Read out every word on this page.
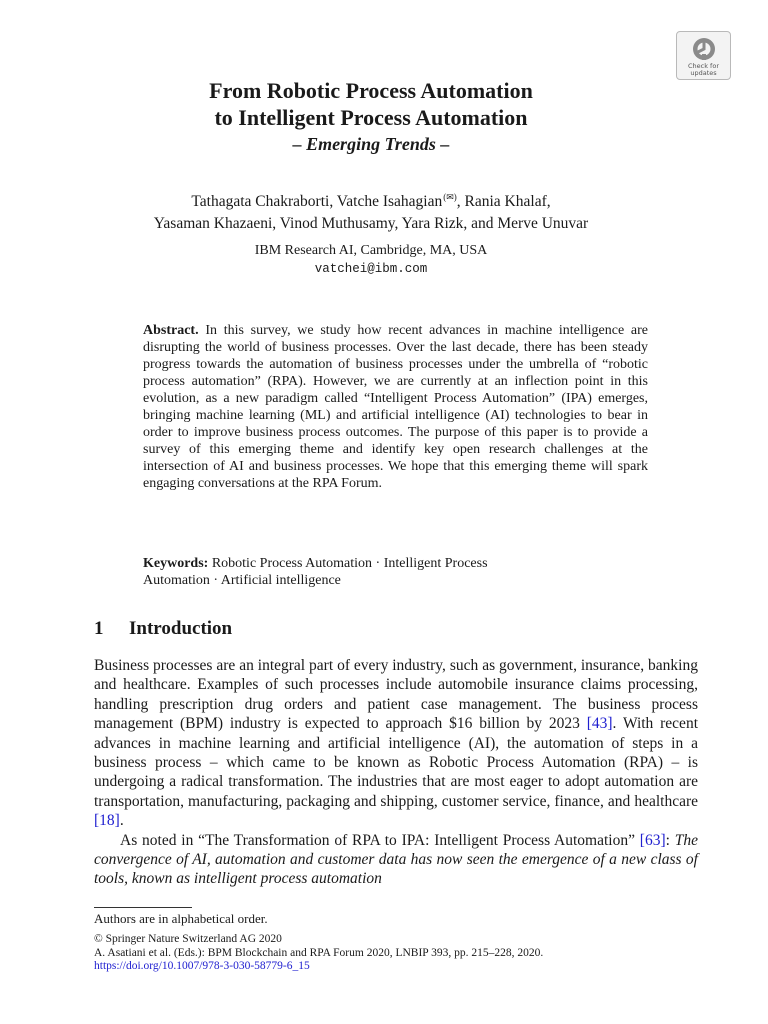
Check for
updates
From Robotic Process Automation
to Intelligent Process Automation
– Emerging Trends –
Tathagata Chakraborti, Vatche Isahagian(✉), Rania Khalaf,
Yasaman Khazaeni, Vinod Muthusamy, Yara Rizk, and Merve Unuvar
IBM Research AI, Cambridge, MA, USA
vatchei@ibm.com

Abstract. In this survey, we study how recent advances in machine intelligence are disrupting the world of business processes. Over the last decade, there has been steady progress towards the automation of business processes under the umbrella of “robotic process automation” (RPA). However, we are currently at an inflection point in this evolution, as a new paradigm called “Intelligent Process Automation” (IPA) emerges, bringing machine learning (ML) and artificial intelligence (AI) technologies to bear in order to improve business process outcomes. The purpose of this paper is to provide a survey of this emerging theme and identify key open research challenges at the intersection of AI and business processes. We hope that this emerging theme will spark engaging conversations at the RPA Forum.

Keywords: Robotic Process Automation · Intelligent Process
Automation · Artificial intelligence

1 Introduction

Business processes are an integral part of every industry, such as government, insurance, banking and healthcare. Examples of such processes include automobile insurance claims processing, handling prescription drug orders and patient case management. The business process management (BPM) industry is expected to approach $16 billion by 2023 [43]. With recent advances in machine learning and artificial intelligence (AI), the automation of steps in a business process – which came to be known as Robotic Process Automation (RPA) – is undergoing a radical transformation. The industries that are most eager to adopt automation are transportation, manufacturing, packaging and shipping, customer service, finance, and healthcare [18].

As noted in “The Transformation of RPA to IPA: Intelligent Process Automation” [63]: The convergence of AI, automation and customer data has now seen the emergence of a new class of tools, known as intelligent process automation

Authors are in alphabetical order.
© Springer Nature Switzerland AG 2020
A. Asatiani et al. (Eds.): BPM Blockchain and RPA Forum 2020, LNBIP 393, pp. 215–228, 2020.
https://doi.org/10.1007/978-3-030-58779-6_15
